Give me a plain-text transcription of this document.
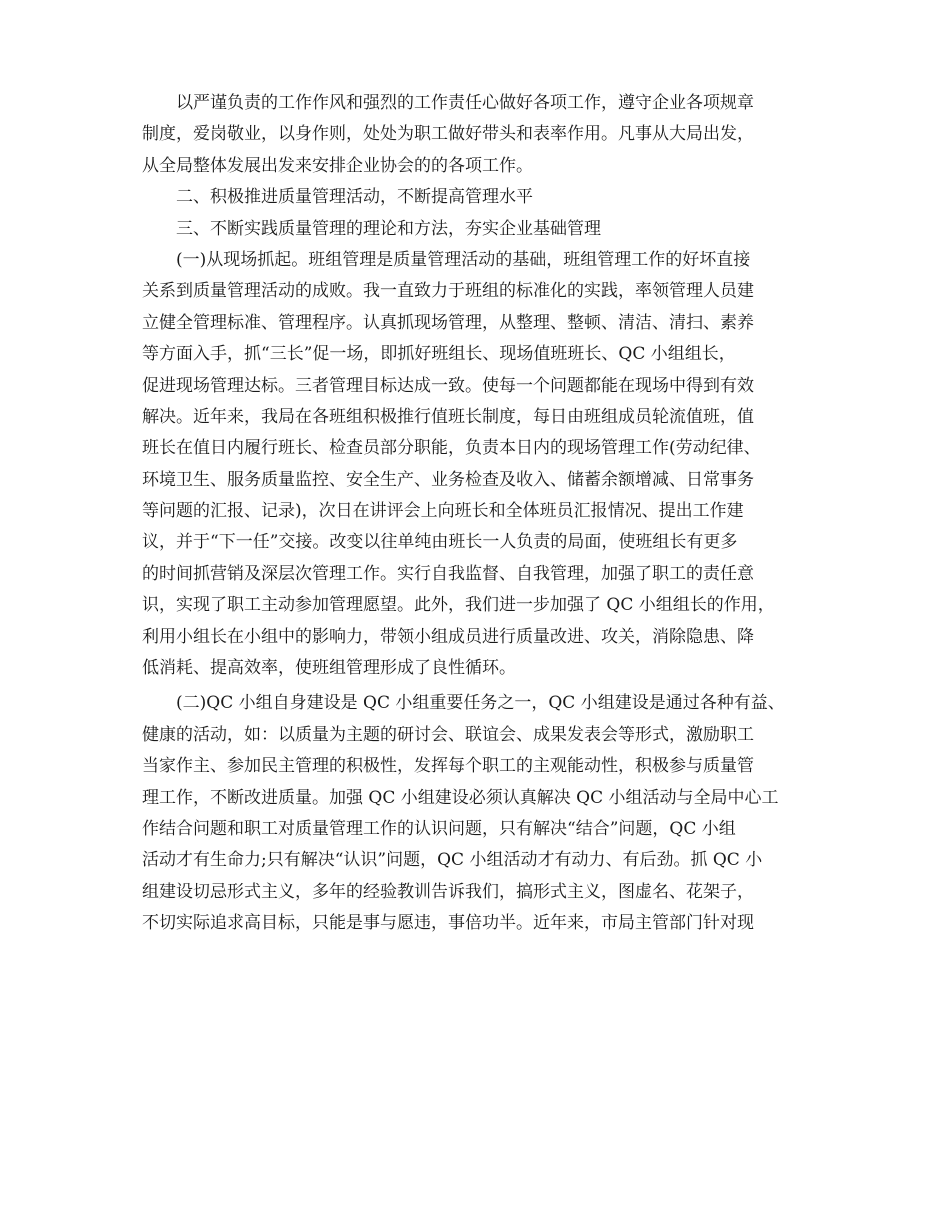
以严谨负责的工作作风和强烈的工作责任心做好各项工作，遵守企业各项规章
制度，爱岗敬业，以身作则，处处为职工做好带头和表率作用。凡事从大局出发，
从全局整体发展出发来安排企业协会的的各项工作。
二、积极推进质量管理活动，不断提高管理水平
三、不断实践质量管理的理论和方法，夯实企业基础管理
(一)从现场抓起。班组管理是质量管理活动的基础，班组管理工作的好坏直接
关系到质量管理活动的成败。我一直致力于班组的标准化的实践，率领管理人员建
立健全管理标准、管理程序。认真抓现场管理，从整理、整顿、清洁、清扫、素养
等方面入手，抓“三长”促一场，即抓好班组长、现场值班班长、QC 小组组长，
促进现场管理达标。三者管理目标达成一致。使每一个问题都能在现场中得到有效
解决。近年来，我局在各班组积极推行值班长制度，每日由班组成员轮流值班，值
班长在值日内履行班长、检查员部分职能，负责本日内的现场管理工作(劳动纪律、
环境卫生、服务质量监控、安全生产、业务检查及收入、储蓄余额增减、日常事务
等问题的汇报、记录)，次日在讲评会上向班长和全体班员汇报情况、提出工作建
议，并于“下一任”交接。改变以往单纯由班长一人负责的局面，使班组长有更多
的时间抓营销及深层次管理工作。实行自我监督、自我管理，加强了职工的责任意
识，实现了职工主动参加管理愿望。此外，我们进一步加强了 QC 小组组长的作用，
利用小组长在小组中的影响力，带领小组成员进行质量改进、攻关，消除隐患、降
低消耗、提高效率，使班组管理形成了良性循环。
(二)QC 小组自身建设是 QC 小组重要任务之一，QC 小组建设是通过各种有益、
健康的活动，如：以质量为主题的研讨会、联谊会、成果发表会等形式，激励职工
当家作主、参加民主管理的积极性，发挥每个职工的主观能动性，积极参与质量管
理工作，不断改进质量。加强 QC 小组建设必须认真解决 QC 小组活动与全局中心工
作结合问题和职工对质量管理工作的认识问题，只有解决“结合”问题，QC 小组
活动才有生命力;只有解决“认识”问题，QC 小组活动才有动力、有后劲。抓 QC 小
组建设切忌形式主义，多年的经验教训告诉我们，搞形式主义，图虚名、花架子，
不切实际追求高目标，只能是事与愿违，事倍功半。近年来，市局主管部门针对现
